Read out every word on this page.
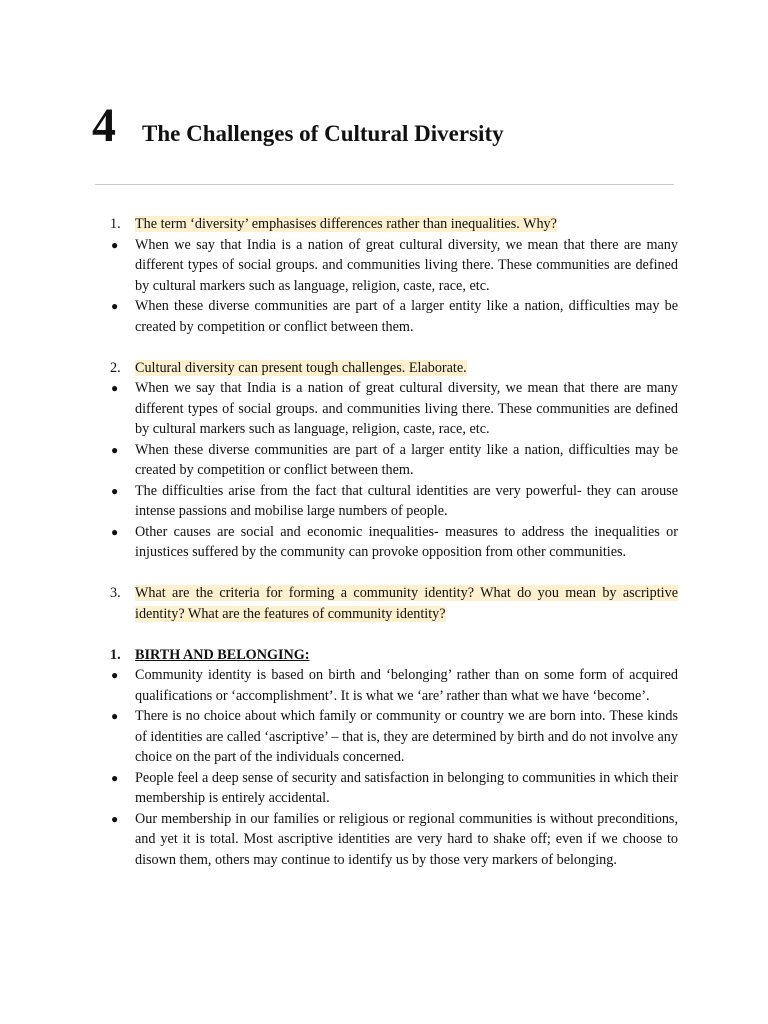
4	The Challenges of Cultural Diversity
1. The term ‘diversity’ emphasises differences rather than inequalities. Why?
● When we say that India is a nation of great cultural diversity, we mean that there are many different types of social groups. and communities living there. These communities are defined by cultural markers such as language, religion, caste, race, etc.
● When these diverse communities are part of a larger entity like a nation, difficulties may be created by competition or conflict between them.
2. Cultural diversity can present tough challenges. Elaborate.
● When we say that India is a nation of great cultural diversity, we mean that there are many different types of social groups. and communities living there. These communities are defined by cultural markers such as language, religion, caste, race, etc.
● When these diverse communities are part of a larger entity like a nation, difficulties may be created by competition or conflict between them.
● The difficulties arise from the fact that cultural identities are very powerful- they can arouse intense passions and mobilise large numbers of people.
● Other causes are social and economic inequalities- measures to address the inequalities or injustices suffered by the community can provoke opposition from other communities.
3. What are the criteria for forming a community identity? What do you mean by ascriptive identity? What are the features of community identity?
1. BIRTH AND BELONGING:
● Community identity is based on birth and ‘belonging’ rather than on some form of acquired qualifications or ‘accomplishment’. It is what we ‘are’ rather than what we have ‘become’.
● There is no choice about which family or community or country we are born into. These kinds of identities are called ‘ascriptive’ – that is, they are determined by birth and do not involve any choice on the part of the individuals concerned.
● People feel a deep sense of security and satisfaction in belonging to communities in which their membership is entirely accidental.
● Our membership in our families or religious or regional communities is without preconditions, and yet it is total. Most ascriptive identities are very hard to shake off; even if we choose to disown them, others may continue to identify us by those very markers of belonging.
